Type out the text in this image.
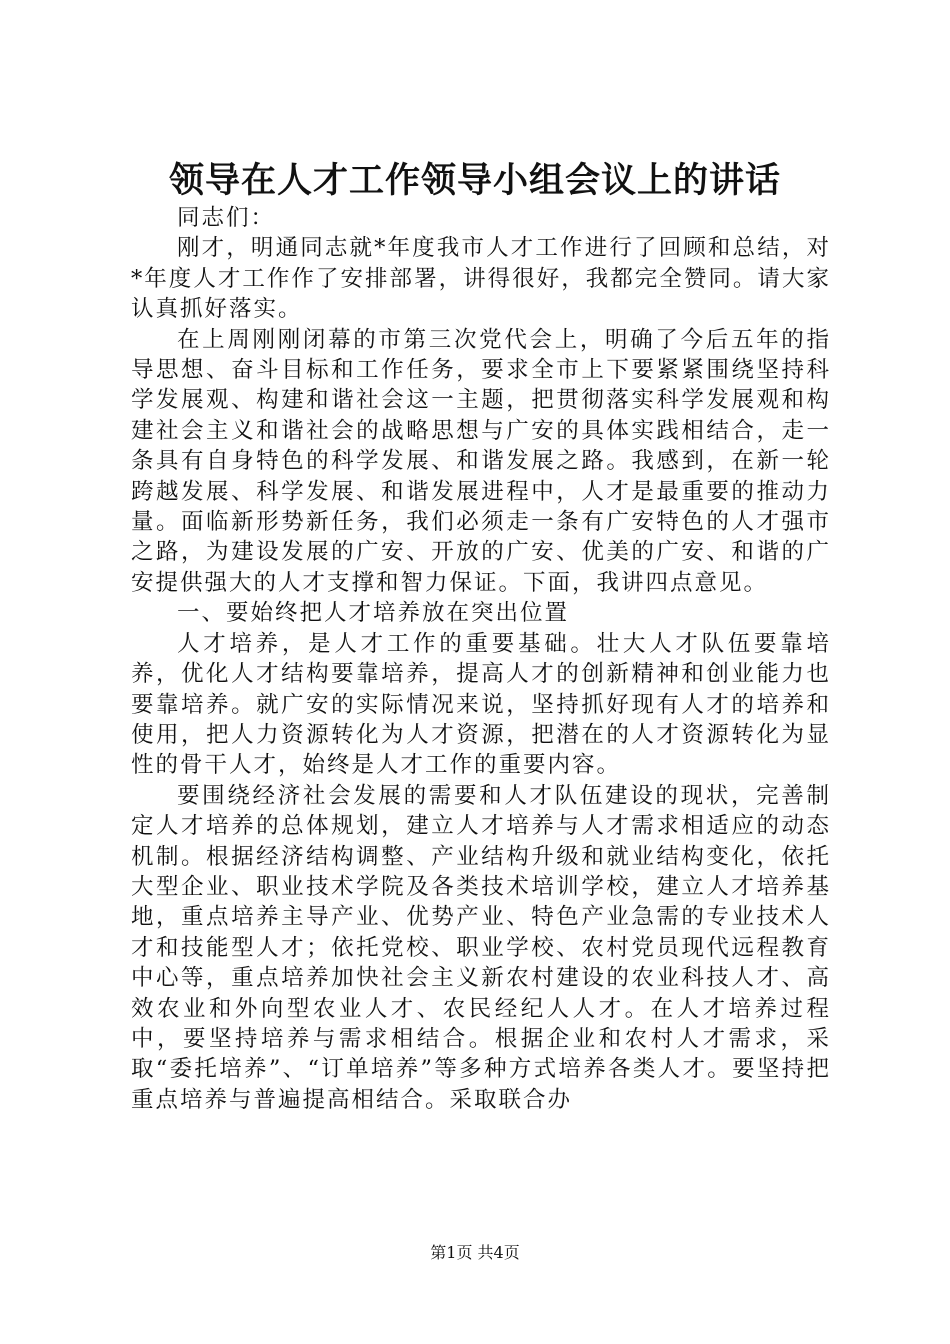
领导在人才工作领导小组会议上的讲话

同志们：

刚才，明通同志就*年度我市人才工作进行了回顾和总结，对*年度人才工作作了安排部署，讲得很好，我都完全赞同。请大家认真抓好落实。

在上周刚刚闭幕的市第三次党代会上，明确了今后五年的指导思想、奋斗目标和工作任务，要求全市上下要紧紧围绕坚持科学发展观、构建和谐社会这一主题，把贯彻落实科学发展观和构建社会主义和谐社会的战略思想与广安的具体实践相结合，走一条具有自身特色的科学发展、和谐发展之路。我感到，在新一轮跨越发展、科学发展、和谐发展进程中，人才是最重要的推动力量。面临新形势新任务，我们必须走一条有广安特色的人才强市之路，为建设发展的广安、开放的广安、优美的广安、和谐的广安提供强大的人才支撑和智力保证。下面，我讲四点意见。

一、要始终把人才培养放在突出位置

人才培养，是人才工作的重要基础。壮大人才队伍要靠培养，优化人才结构要靠培养，提高人才的创新精神和创业能力也要靠培养。就广安的实际情况来说，坚持抓好现有人才的培养和使用，把人力资源转化为人才资源，把潜在的人才资源转化为显性的骨干人才，始终是人才工作的重要内容。

要围绕经济社会发展的需要和人才队伍建设的现状，完善制定人才培养的总体规划，建立人才培养与人才需求相适应的动态机制。根据经济结构调整、产业结构升级和就业结构变化，依托大型企业、职业技术学院及各类技术培训学校，建立人才培养基地，重点培养主导产业、优势产业、特色产业急需的专业技术人才和技能型人才；依托党校、职业学校、农村党员现代远程教育中心等，重点培养加快社会主义新农村建设的农业科技人才、高效农业和外向型农业人才、农民经纪人人才。在人才培养过程中，要坚持培养与需求相结合。根据企业和农村人才需求，采取“委托培养”、“订单培养”等多种方式培养各类人才。要坚持把重点培养与普遍提高相结合。采取联合办

第1页 共4页
